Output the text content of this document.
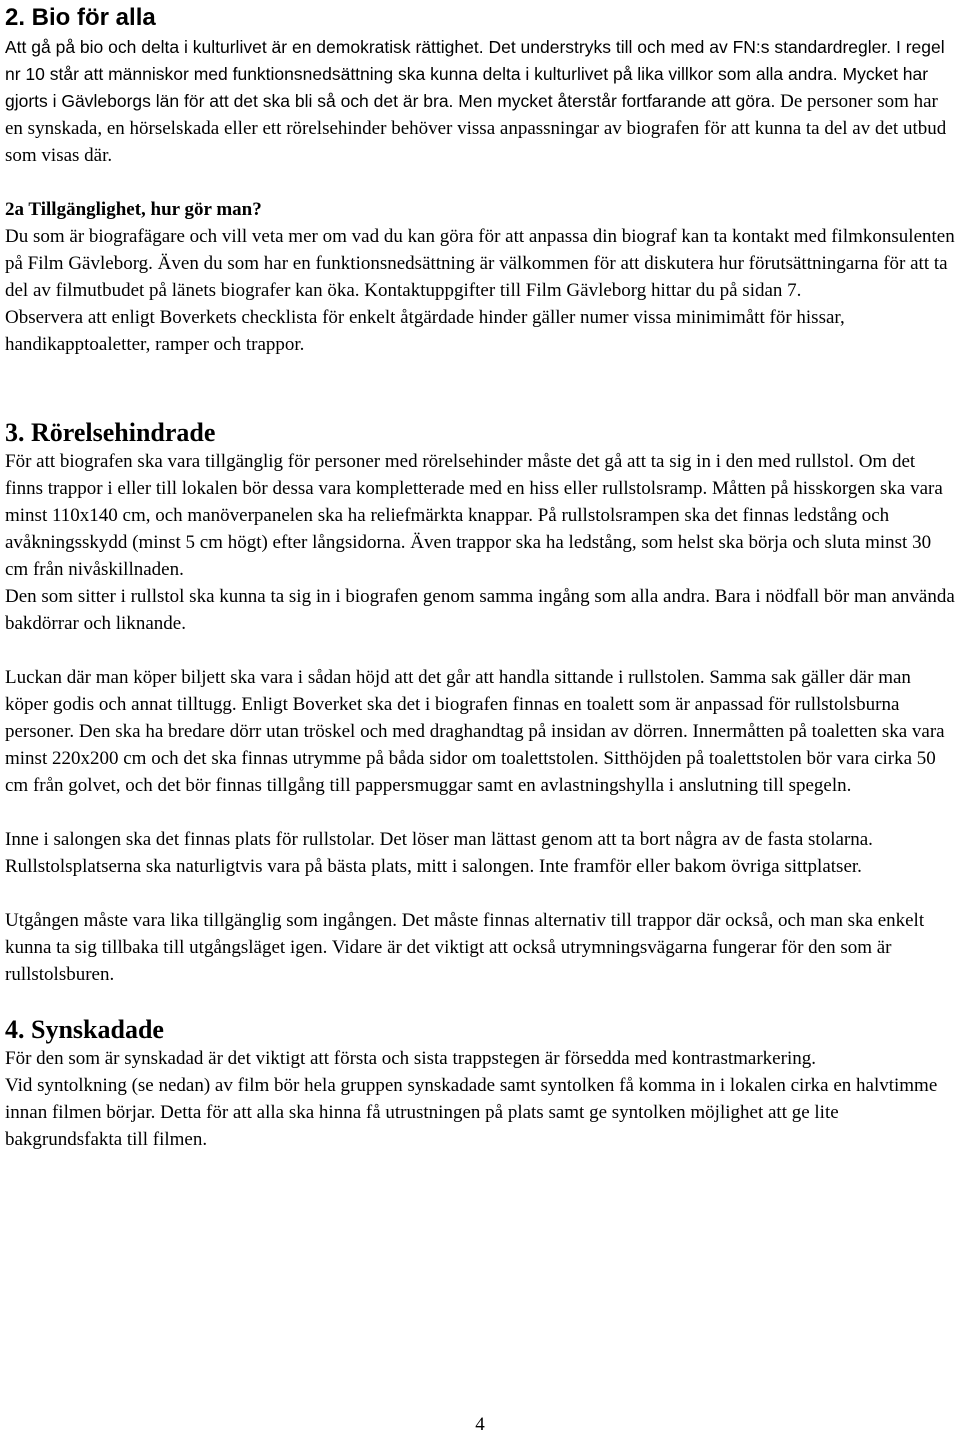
2. Bio för alla

Att gå på bio och delta i kulturlivet är en demokratisk rättighet. Det understryks till och med av FN:s standardregler. I regel nr 10 står att människor med funktionsnedsättning ska kunna delta i kulturlivet på lika villkor som alla andra. Mycket har gjorts i Gävleborgs län för att det ska bli så och det är bra. Men mycket återstår fortfarande att göra. De personer som har en synskada, en hörselskada eller ett rörelsehinder behöver vissa anpassningar av biografen för att kunna ta del av det utbud som visas där.

2a Tillgänglighet, hur gör man?

Du som är biografägare och vill veta mer om vad du kan göra för att anpassa din biograf kan ta kontakt med filmkonsulenten på Film Gävleborg. Även du som har en funktionsnedsättning är välkommen för att diskutera hur förutsättningarna för att ta del av filmutbudet på länets biografer kan öka. Kontaktuppgifter till Film Gävleborg hittar du på sidan 7.

Observera att enligt Boverkets checklista för enkelt åtgärdade hinder gäller numer vissa minimimått för hissar, handikapptoaletter, ramper och trappor.

3. Rörelsehindrade

För att biografen ska vara tillgänglig för personer med rörelsehinder måste det gå att ta sig in i den med rullstol. Om det finns trappor i eller till lokalen bör dessa vara kompletterade med en hiss eller rullstolsramp. Måtten på hisskorgen ska vara minst 110x140 cm, och manöverpanelen ska ha reliefmärkta knappar. På rullstolsrampen ska det finnas ledstång och avåkningsskydd (minst 5 cm högt) efter långsidorna. Även trappor ska ha ledstång, som helst ska börja och sluta minst 30 cm från nivåskillnaden.

Den som sitter i rullstol ska kunna ta sig in i biografen genom samma ingång som alla andra. Bara i nödfall bör man använda bakdörrar och liknande.

Luckan där man köper biljett ska vara i sådan höjd att det går att handla sittande i rullstolen. Samma sak gäller där man köper godis och annat tilltugg. Enligt Boverket ska det i biografen finnas en toalett som är anpassad för rullstolsburna personer. Den ska ha bredare dörr utan tröskel och med draghandtag på insidan av dörren. Innermåtten på toaletten ska vara minst 220x200 cm och det ska finnas utrymme på båda sidor om toalettstolen. Sitthöjden på toalettstolen bör vara cirka 50 cm från golvet, och det bör finnas tillgång till pappersmuggar samt en avlastningshylla i anslutning till spegeln.

Inne i salongen ska det finnas plats för rullstolar. Det löser man lättast genom att ta bort några av de fasta stolarna. Rullstolsplatserna ska naturligtvis vara på bästa plats, mitt i salongen. Inte framför eller bakom övriga sittplatser.

Utgången måste vara lika tillgänglig som ingången. Det måste finnas alternativ till trappor där också, och man ska enkelt kunna ta sig tillbaka till utgångsläget igen. Vidare är det viktigt att också utrymningsvägarna fungerar för den som är rullstolsburen.

4. Synskadade

För den som är synskadad är det viktigt att första och sista trappstegen är försedda med kontrastmarkering.

Vid syntolkning (se nedan) av film bör hela gruppen synskadade samt syntolken få komma in i lokalen cirka en halvtimme innan filmen börjar. Detta för att alla ska hinna få utrustningen på plats samt ge syntolken möjlighet att ge lite bakgrundsfakta till filmen.

4
